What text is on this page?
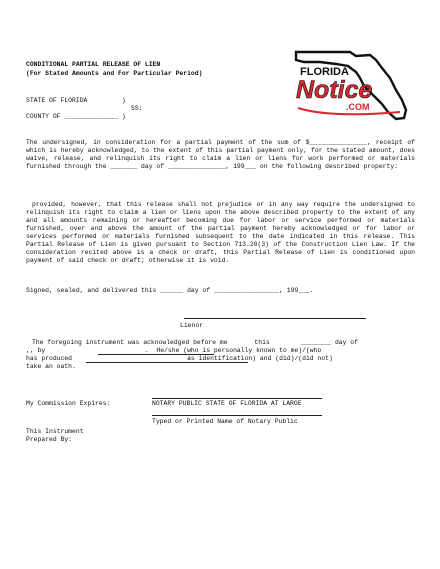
FLORIDA
Notice
.COM
CONDITIONAL PARTIAL RELEASE OF LIEN
(For Stated Amounts and For Particular Period)
STATE OF FLORIDA         )
SS:
COUNTY OF ______________ )
The undersigned, in consideration for a partial payment of the sum of $_______________, receipt of which is hereby acknowledged, to the extent of this partial payment only, for the stated amount, does waive, release, and relinquish its right to claim a lien or liens for work performed or materials furnished through the _______ day of _______________, 199___ on the following described property:
provided, however, that this release shall not prejudice or in any way require the undersigned to relinquish its right to claim a lien or liens upon the above described property to the extent of any and all amounts remaining or hereafter becoming due for labor or service performed or materials furnished, over and above the amount of the partial payment hereby acknowledged or for labor or services performed or materials furnished subsequent to the date indicated in this release. This Partial Release of Lien is given pursuant to Section 713.20(3) of the Construction Lien Law. If the consideration recited above is a check or draft, this Partial Release of Lien is conditioned upon payment of said check or draft; otherwise it is void.
Signed, sealed, and delivered this ______ day of _________________, 199___.
Lienor
The foregoing instrument was acknowledged before me       this        ________ day of
,, by                          .  He/she (who is personally known to me)/(who
has produced                              as identification) and (did)/(did not)
take an oath.
My Commission Expires:	NOTARY PUBLIC STATE OF FLORIDA AT LARGE
Typed or Printed Name of Notary Public
This Instrument
Prepared By:
